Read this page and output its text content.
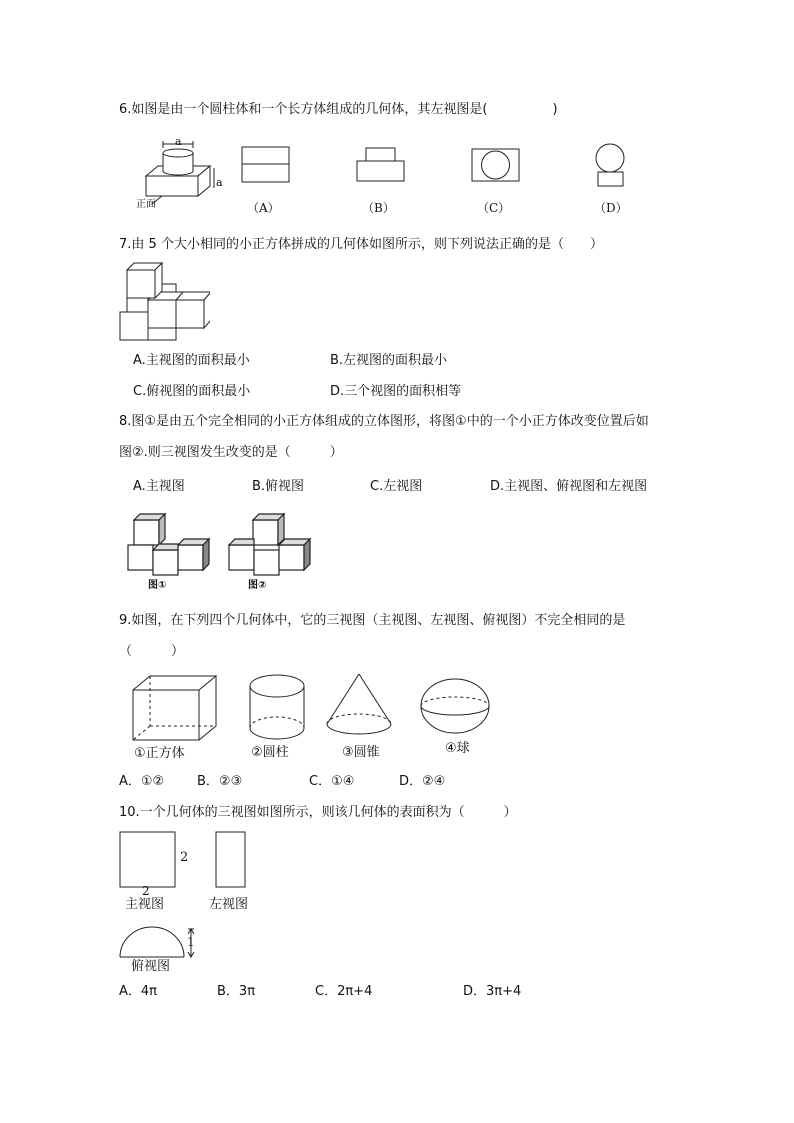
6.如图是由一个圆柱体和一个长方体组成的几何体，其左视图是(　　　　　)
a
a
正面	（A）	（B）	（C）	（D）
7.由 5 个大小相同的小正方体拼成的几何体如图所示，则下列说法正确的是（　　）
A.主视图的面积最小	B.左视图的面积最小
C.俯视图的面积最小	D.三个视图的面积相等
8.图①是由五个完全相同的小正方体组成的立体图形，将图①中的一个小正方体改变位置后如
图②.则三视图发生改变的是（　　　）
A.主视图	B.俯视图	C.左视图	D.主视图、俯视图和左视图
图①	图②
9.如图，在下列四个几何体中，它的三视图（主视图、左视图、俯视图）不完全相同的是
（　　　）
①正方体	②圆柱	③圆锥	④球
A．①②	B．②③	C．①④	D．②④
10.一个几何体的三视图如图所示，则该几何体的表面积为（　　　）
2
2
主视图	左视图
1
俯视图
A．4π	B．3π	C．2π+4	D．3π+4
